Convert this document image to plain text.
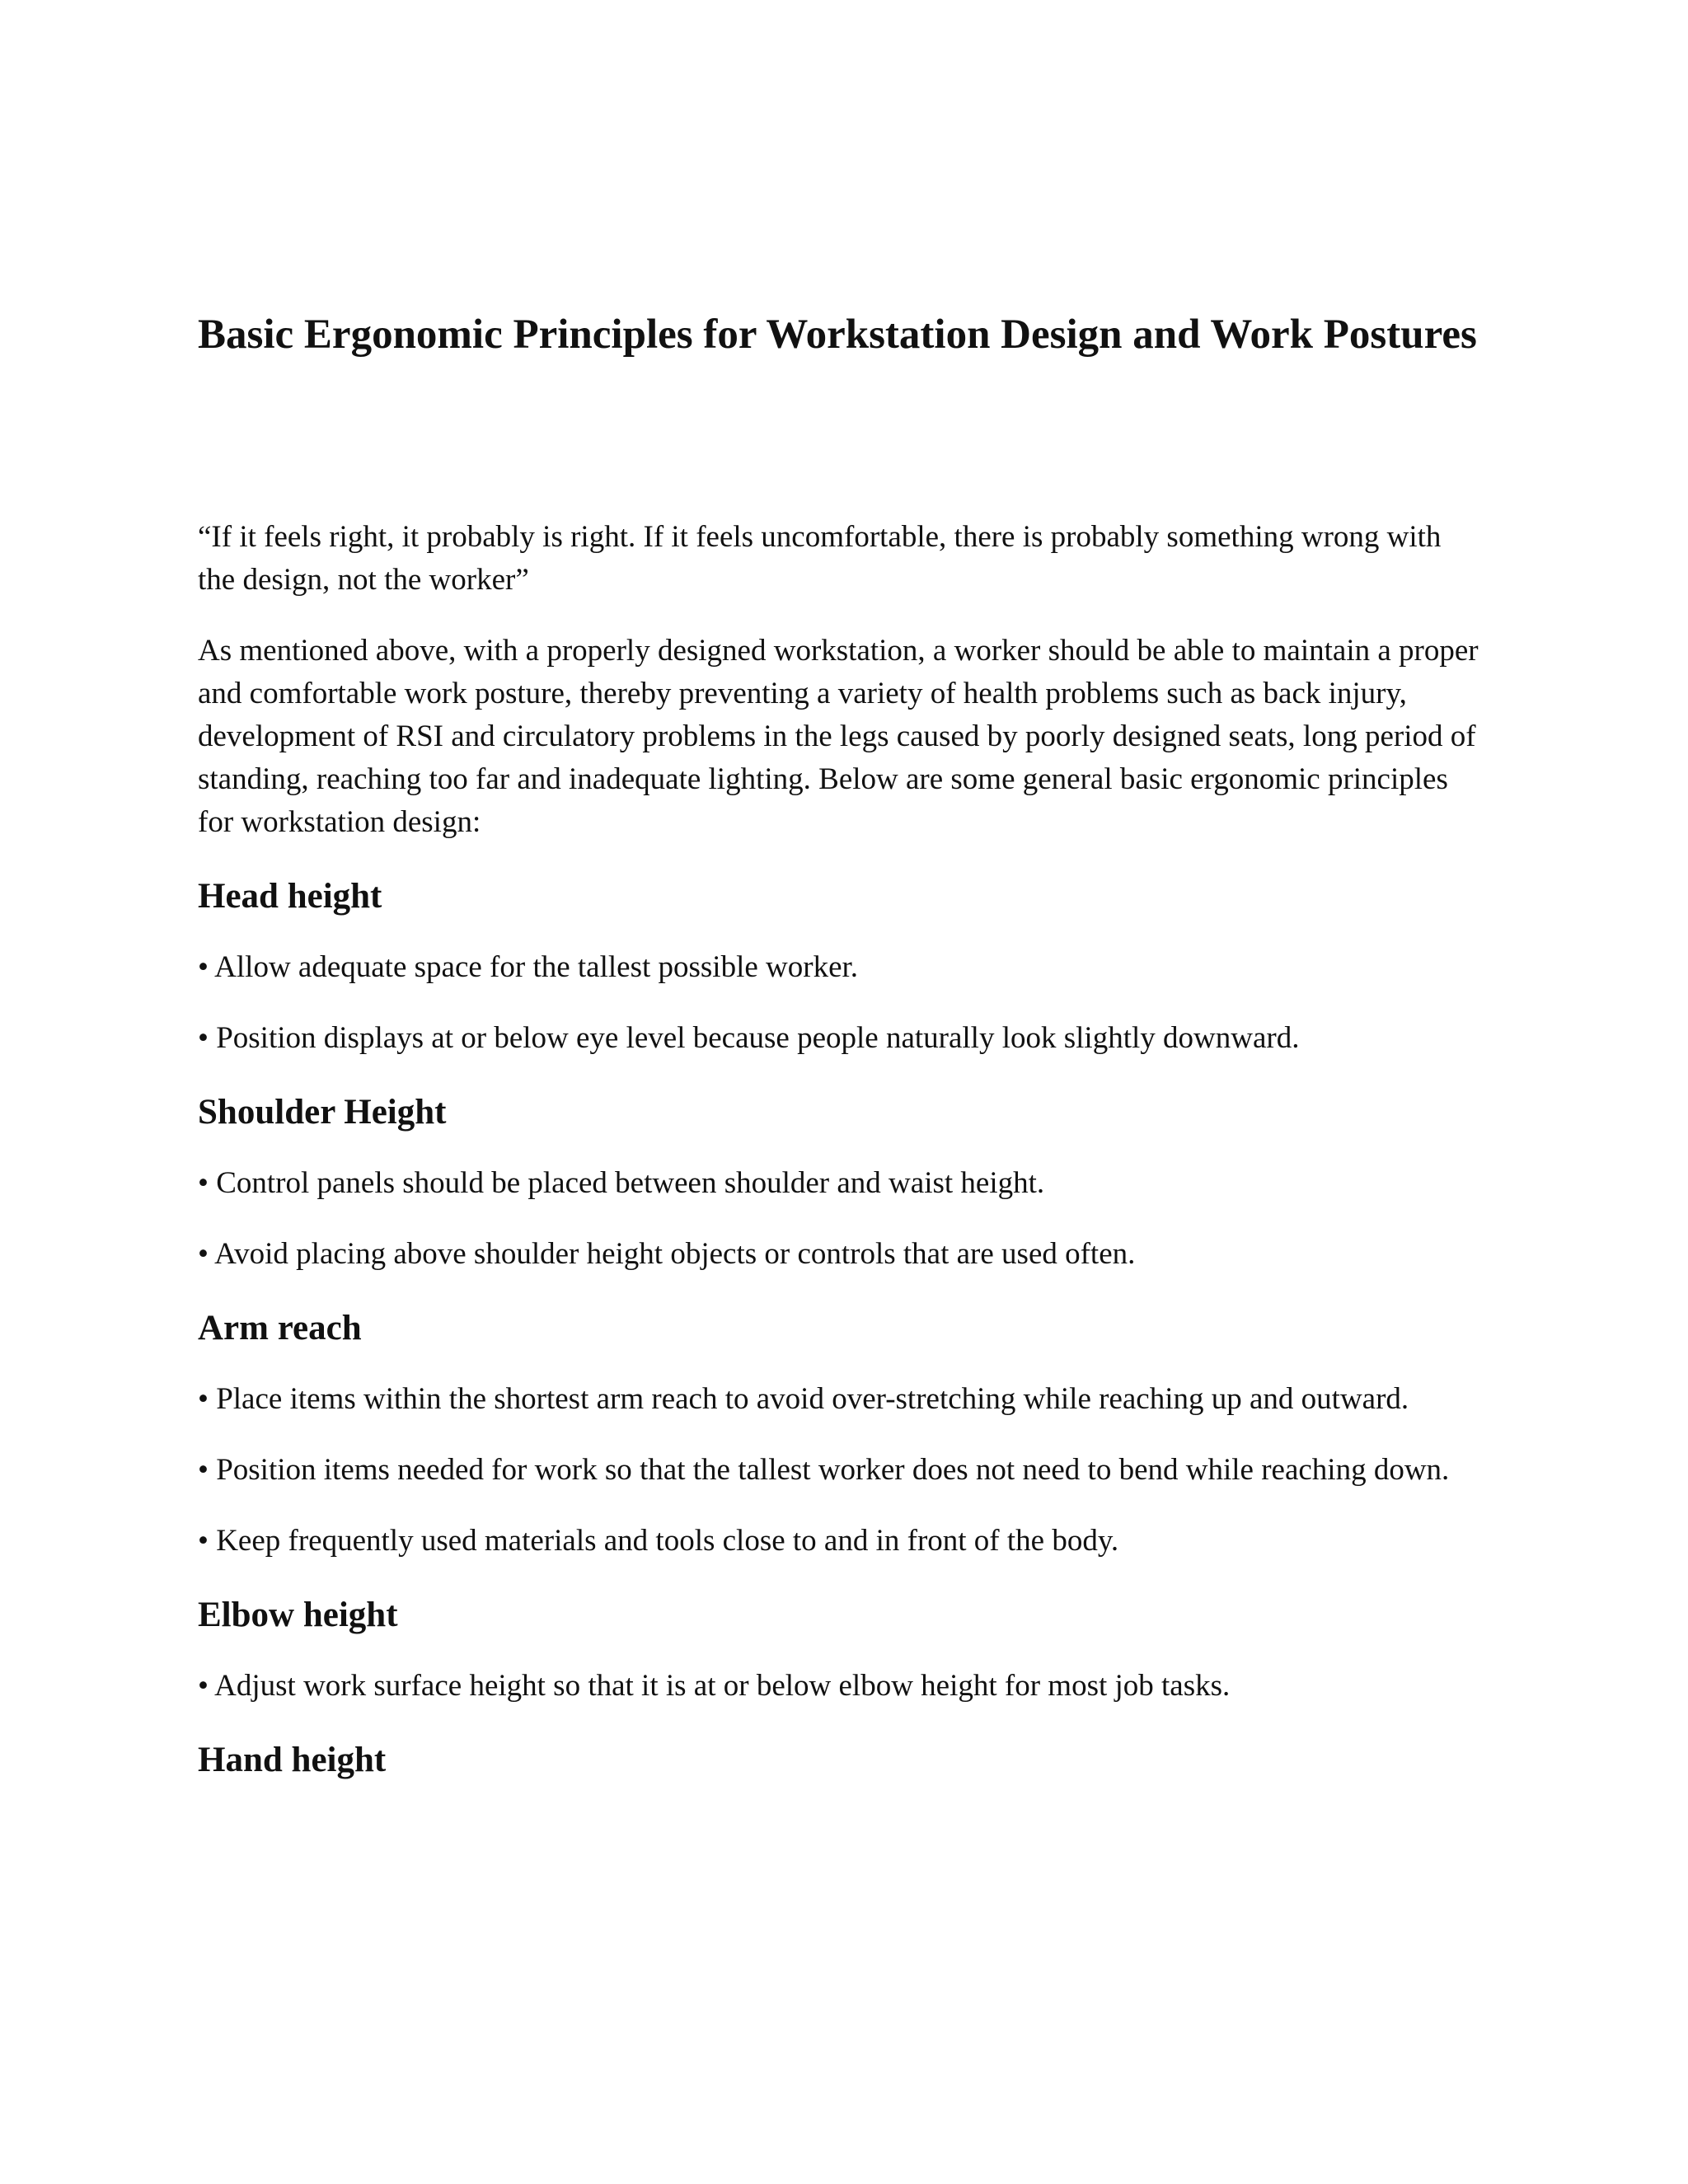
Basic Ergonomic Principles for Workstation Design and Work Postures

“If it feels right, it probably is right. If it feels uncomfortable, there is probably something wrong with the design, not the worker”

As mentioned above, with a properly designed workstation, a worker should be able to maintain a proper and comfortable work posture, thereby preventing a variety of health problems such as back injury, development of RSI and circulatory problems in the legs caused by poorly designed seats, long period of standing, reaching too far and inadequate lighting. Below are some general basic ergonomic principles for workstation design:

Head height

• Allow adequate space for the tallest possible worker.

• Position displays at or below eye level because people naturally look slightly downward.

Shoulder Height

• Control panels should be placed between shoulder and waist height.

• Avoid placing above shoulder height objects or controls that are used often.

Arm reach

• Place items within the shortest arm reach to avoid over-stretching while reaching up and outward.

• Position items needed for work so that the tallest worker does not need to bend while reaching down.

• Keep frequently used materials and tools close to and in front of the body.

Elbow height

• Adjust work surface height so that it is at or below elbow height for most job tasks.

Hand height
